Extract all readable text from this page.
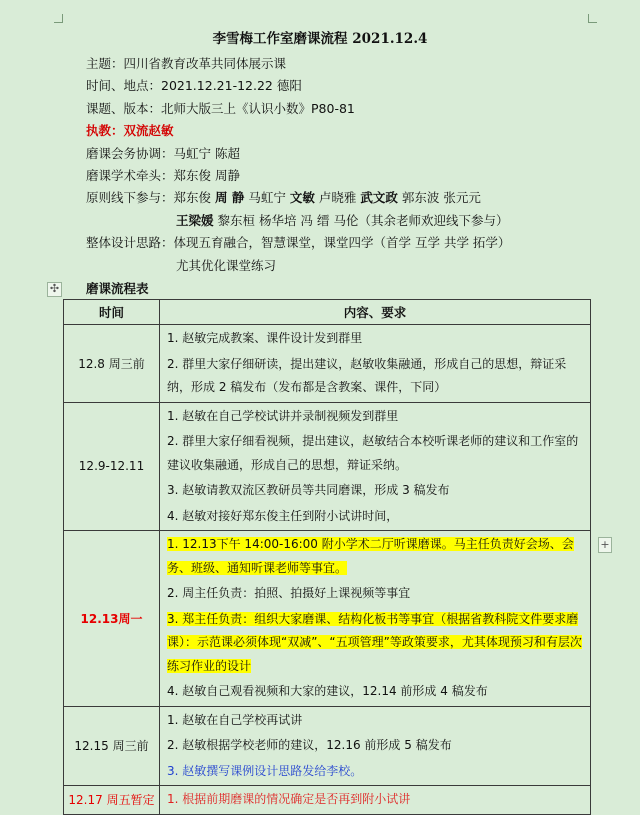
李雪梅工作室磨课流程 2021.12.4
主题：四川省教育改革共同体展示课
时间、地点：2021.12.21-12.22 德阳
课题、版本：北师大版三上《认识小数》P80-81
执教：双流赵敏
磨课会务协调：马虹宁 陈超
磨课学术牵头：郑东俊 周静
原则线下参与：郑东俊 周 静 马虹宁 文敏 卢晓雅 武文政 郭东波 张元元
王梁媛 黎东桓 杨华培 冯 缙 马伦（其余老师欢迎线下参与）
整体设计思路：体现五育融合，智慧课堂，课堂四学（首学 互学 共学 拓学）
尤其优化课堂练习
✣ 磨课流程表
时间	内容、要求
12.8 周三前	1. 赵敏完成教案、课件设计发到群里
2. 群里大家仔细研读，提出建议，赵敏收集融通，形成自己的思想，辩证采纳，形成 2 稿发布（发布都是含教案、课件，下同）

12.9-12.11	1. 赵敏在自己学校试讲并录制视频发到群里
2. 群里大家仔细看视频，提出建议，赵敏结合本校听课老师的建议和工作室的建议收集融通，形成自己的思想，辩证采纳。
3. 赵敏请教双流区教研员等共同磨课，形成 3 稿发布
4. 赵敏对接好郑东俊主任到附小试讲时间，

12.13周一	1. 12.13下午 14:00-16:00 附小学术二厅听课磨课。马主任负责好会场、会务、班级、通知听课老师等事宜。
2. 周主任负责：拍照、拍摄好上课视频等事宜
3. 郑主任负责：组织大家磨课、结构化板书等事宜（根据省教科院文件要求磨课）：示范课必须体现“双减”、“五项管理”等政策要求，尤其体现预习和有层次练习作业的设计
4. 赵敏自己观看视频和大家的建议，12.14 前形成 4 稿发布

12.15 周三前	1. 赵敏在自己学校再试讲
2. 赵敏根据学校老师的建议，12.16 前形成 5 稿发布
3. 赵敏撰写课例设计思路发给李校。

12.17 周五暂定	1. 根据前期磨课的情况确定是否再到附小试讲
+
